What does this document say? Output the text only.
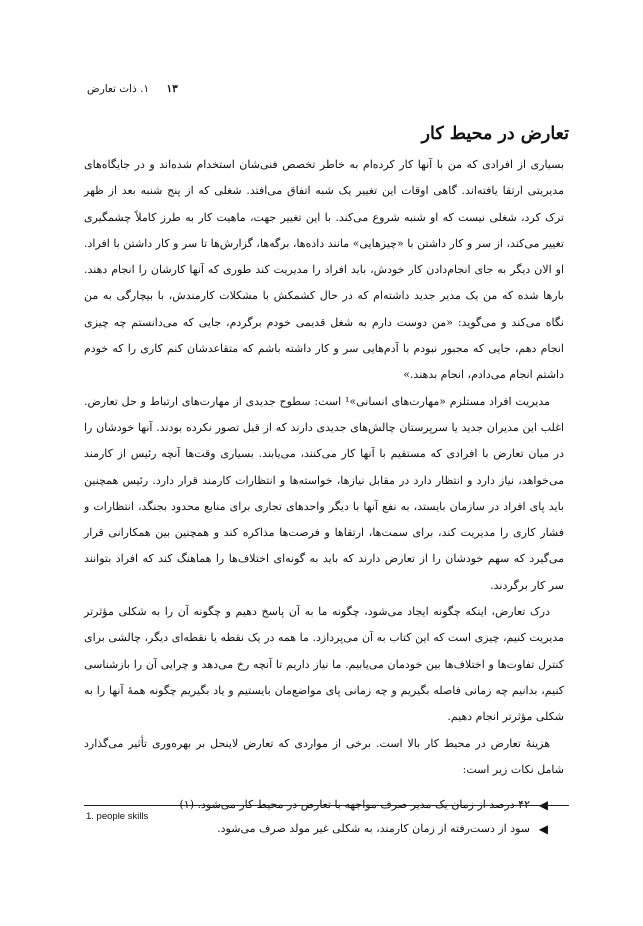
۱۳ ۱. ذات تعارض
تعارض در محیط کار

بسیاری از افرادی که من با آنها کار کرده‌ام به خاطر تخصص فنی‌شان استخدام شده‌اند و در جایگاه‌های مدیریتی ارتقا یافته‌اند. گاهی اوقات این تغییر یک شبه اتفاق می‌افتد. شغلی که از پنج شنبه بعد از ظهر ترک کرد، شغلی نیست که او شنبه شروع می‌کند. با این تغییر جهت، ماهیت کار به طرز کاملاً چشمگیری تغییر می‌کند، از سر و کار داشتن با «چیزهایی» مانند داده‌ها، برگه‌ها، گزارش‌ها تا سر و کار داشتن با افراد. او الان دیگر به جای انجام‌دادن کار خودش، باید افراد را مدیریت کند طوری که آنها کارشان را انجام دهند. بارها شده که من یک مدیر جدید داشته‌ام که در حال کشمکش با مشکلات کارمندش، با بیچارگی به من نگاه می‌کند و می‌گوید: «من دوست دارم به شغل قدیمی خودم برگردم، جایی که می‌دانستم چه چیزی انجام دهم، جایی که مجبور نبودم با آدم‌هایی سر و کار داشته باشم که متقاعدشان کنم کاری را که خودم داشتم انجام می‌دادم، انجام بدهند.»

مدیریت افراد مستلزم «مهارت‌های انسانی»¹ است: سطوح جدیدی از مهارت‌های ارتباط و حل تعارض. اغلب این مدیران جدید یا سرپرستان چالش‌های جدیدی دارند که از قبل تصور نکرده بودند. آنها خودشان را در میان تعارض با افرادی که مستقیم با آنها کار می‌کنند، می‌یابند. بسیاری وقت‌ها آنچه رئیس از کارمند می‌خواهد، نیاز دارد و انتظار دارد در مقابل نیازها، خواسته‌ها و انتظارات کارمند قرار دارد. رئیس همچنین باید پای افراد در سازمان بایستد، به نفع آنها با دیگر واحدهای تجاری برای منابع محدود بجنگد، انتظارات و فشار کاری را مدیریت کند، برای سمت‌ها، ارتقاها و فرصت‌ها مذاکره کند و همچنین بین همکارانی قرار می‌گیرد که سهم خودشان را از تعارض دارند که باید به گونه‌ای اختلاف‌ها را هماهنگ کند که افراد بتوانند سر کار برگردند.

درک تعارض، اینکه چگونه ایجاد می‌شود، چگونه ما به آن پاسخ دهیم و چگونه آن را به شکلی مؤثرتر مدیریت کنیم، چیزی است که این کتاب به آن می‌پردازد. ما همه در یک نقطه یا نقطه‌ای دیگر، چالشی برای کنترل تفاوت‌ها و اختلاف‌ها بین خودمان می‌یابیم. ما نیاز داریم تا آنچه رخ می‌دهد و چرایی آن را بازشناسی کنیم، بدانیم چه زمانی فاصله بگیریم و چه زمانی پای مواضع‌مان بایستیم و یاد بگیریم چگونه همهٔ آنها را به شکلی مؤثرتر انجام دهیم.

هزینهٔ تعارض در محیط کار بالا است. برخی از مواردی که تعارض لاینحل بر بهره‌وری تأثیر می‌گذارد شامل نکات زیر است:

◀
۴۲ درصد از زمان یک مدیر صرف مواجهه با تعارض در محیط کار می‌شود. (۱)
◀
سود از دست‌رفته از زمان کارمند، به شکلی غیر مولد صرف می‌شود.
1. people skills
